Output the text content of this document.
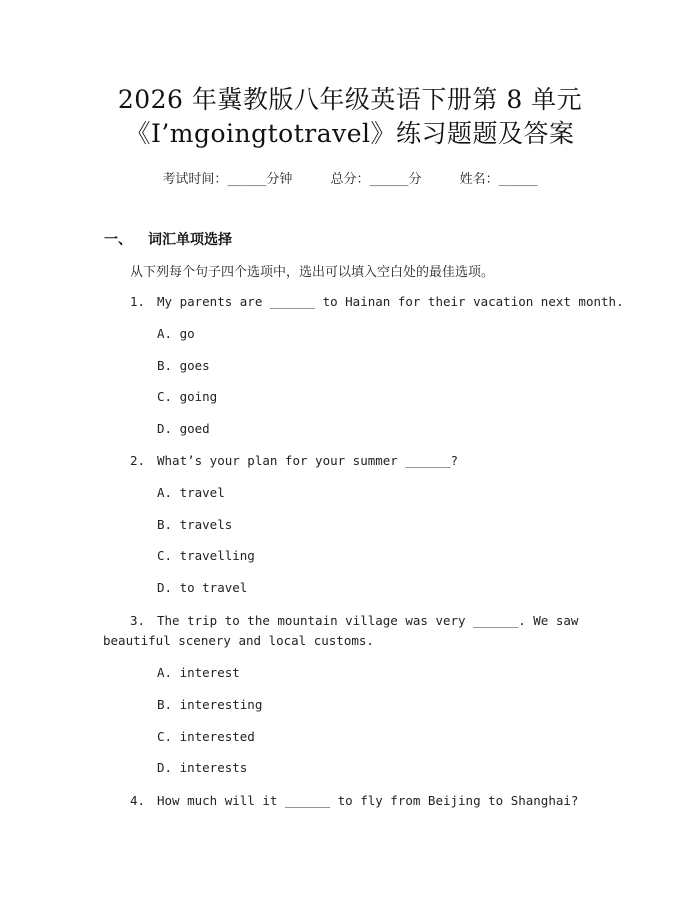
2026 年冀教版八年级英语下册第 8 单元
《I’mgoingtotravel》练习题题及答案
考试时间：______分钟	总分：______分	姓名：______
一、 词汇单项选择
从下列每个句子四个选项中，选出可以填入空白处的最佳选项。
1. My parents are ______ to Hainan for their vacation next month.
A. go
B. goes
C. going
D. goed
2. What’s your plan for your summer ______?
A. travel
B. travels
C. travelling
D. to travel
3. The trip to the mountain village was very ______. We saw
beautiful scenery and local customs.
A. interest
B. interesting
C. interested
D. interests
4. How much will it ______ to fly from Beijing to Shanghai?
